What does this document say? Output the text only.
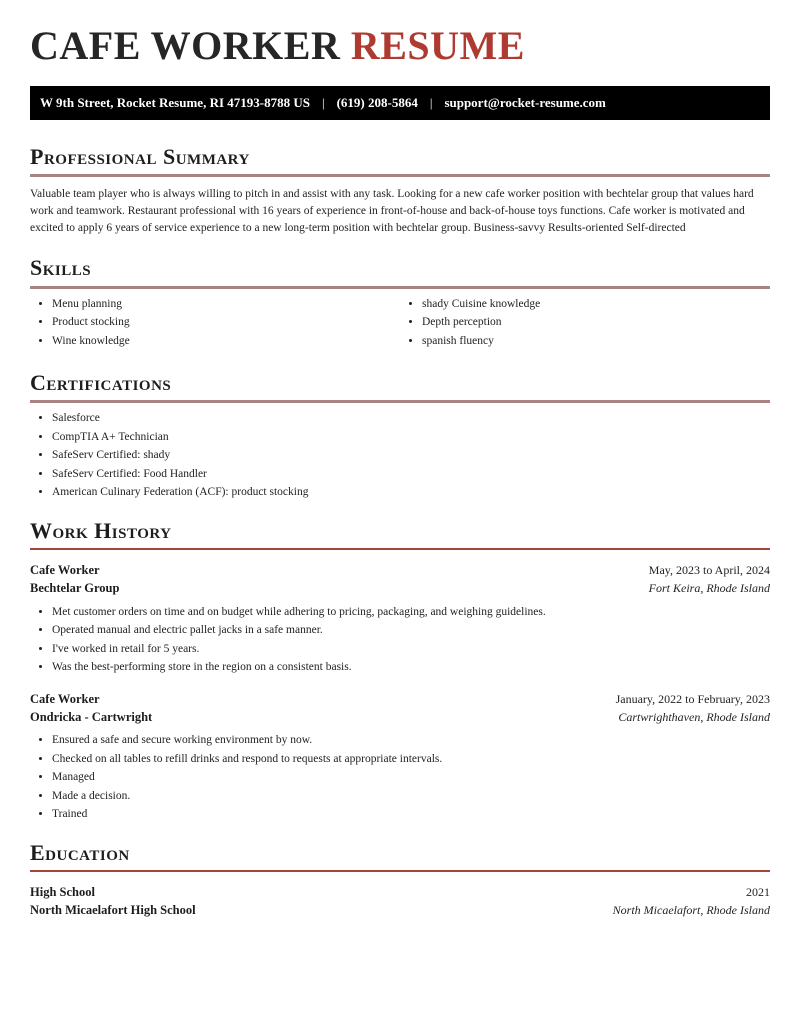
CAFE WORKER RESUME
W 9th Street, Rocket Resume, RI 47193-8788 US | (619) 208-5864 | support@rocket-resume.com
Professional Summary

Valuable team player who is always willing to pitch in and assist with any task. Looking for a new cafe worker position with bechtelar group that values hard work and teamwork. Restaurant professional with 16 years of experience in front-of-house and back-of-house toys functions. Cafe worker is motivated and excited to apply 6 years of service experience to a new long-term position with bechtelar group. Business-savvy Results-oriented Self-directed

Skills
• Menu planning
• Product stocking
• Wine knowledge
• shady Cuisine knowledge
• Depth perception
• spanish fluency
Certifications
• Salesforce
• CompTIA A+ Technician
• SafeServ Certified: shady
• SafeServ Certified: Food Handler
• American Culinary Federation (ACF): product stocking
Work History
Cafe Worker	May, 2023 to April, 2024
Bechtelar Group	Fort Keira, Rhode Island
• Met customer orders on time and on budget while adhering to pricing, packaging, and weighing guidelines.
• Operated manual and electric pallet jacks in a safe manner.
• I've worked in retail for 5 years.
• Was the best-performing store in the region on a consistent basis.
Cafe Worker	January, 2022 to February, 2023
Ondricka - Cartwright	Cartwrighthaven, Rhode Island
• Ensured a safe and secure working environment by now.
• Checked on all tables to refill drinks and respond to requests at appropriate intervals.
• Managed
• Made a decision.
• Trained
Education
High School	2021
North Micaelafort High School	North Micaelafort, Rhode Island
